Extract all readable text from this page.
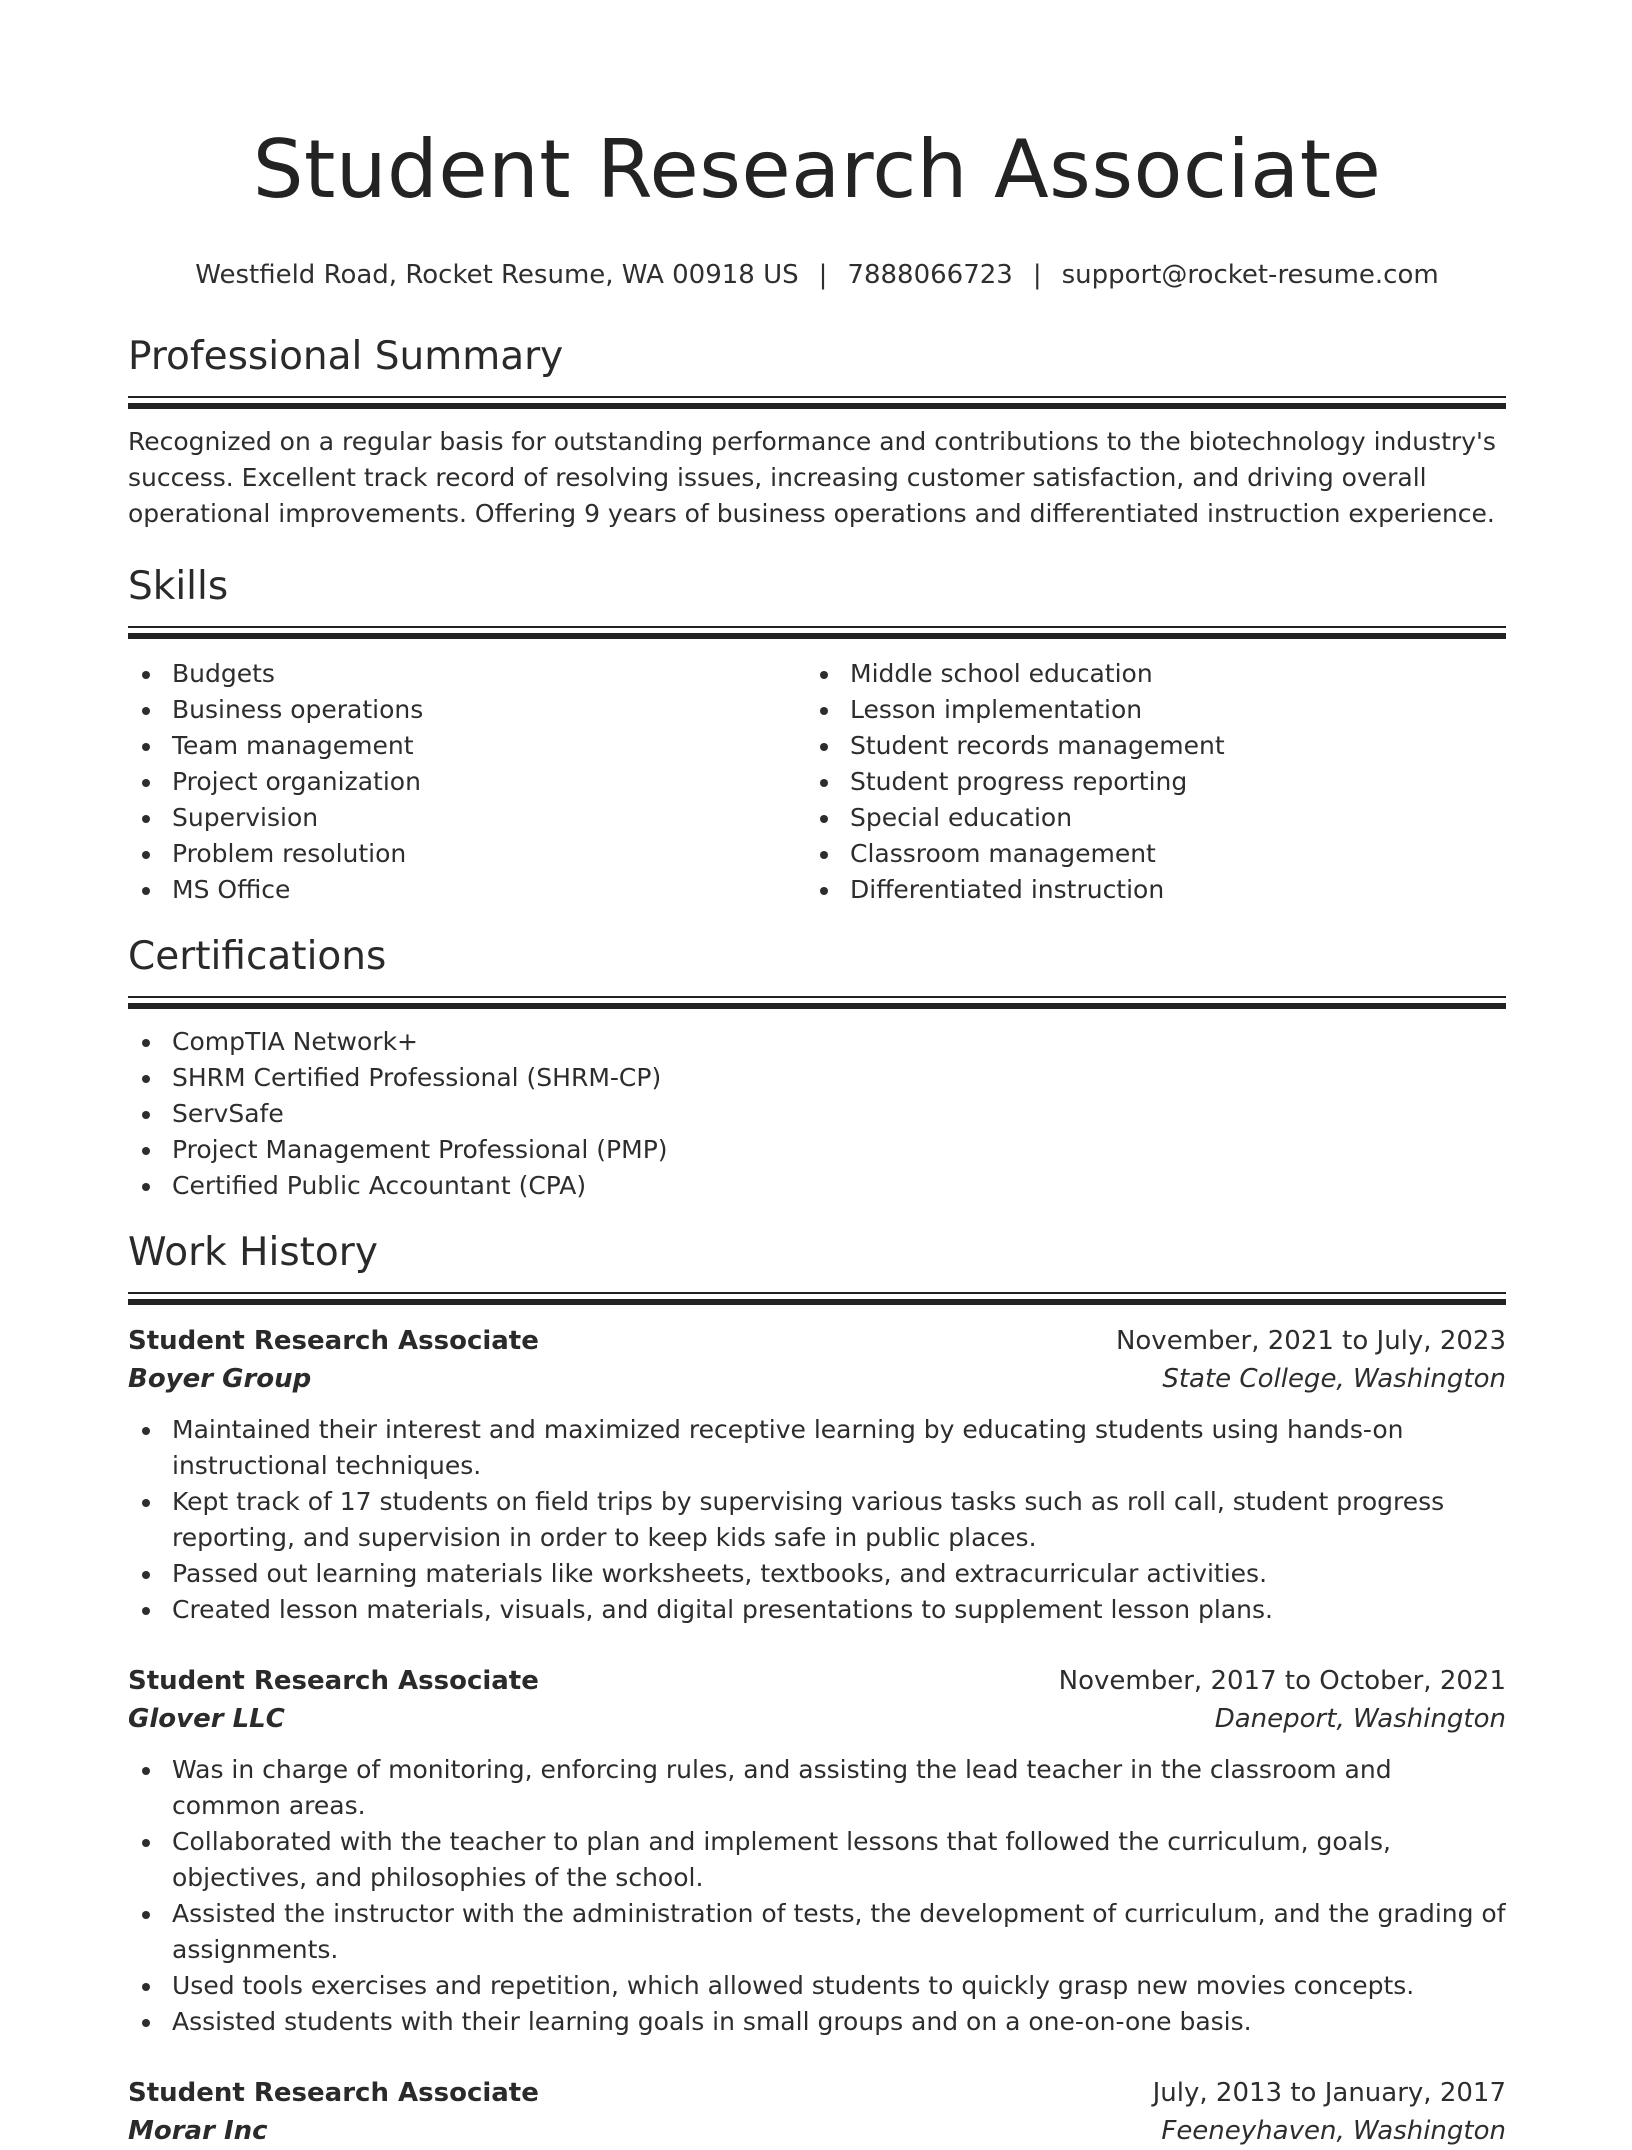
Student Research Associate
Westfield Road, Rocket Resume, WA 00918 US | 7888066723 | support@rocket-resume.com
Professional Summary

Recognized on a regular basis for outstanding performance and contributions to the biotechnology industry's success. Excellent track record of resolving issues, increasing customer satisfaction, and driving overall operational improvements. Offering 9 years of business operations and differentiated instruction experience.

Skills
Budgets
Business operations
Team management
Project organization
Supervision
Problem resolution
MS Office
Middle school education
Lesson implementation
Student records management
Student progress reporting
Special education
Classroom management
Differentiated instruction
Certifications
CompTIA Network+
SHRM Certified Professional (SHRM-CP)
ServSafe
Project Management Professional (PMP)
Certified Public Accountant (CPA)
Work History
Student Research Associate	November, 2021 to July, 2023
Boyer Group	State College, Washington
Maintained their interest and maximized receptive learning by educating students using hands-on instructional techniques.
Kept track of 17 students on field trips by supervising various tasks such as roll call, student progress reporting, and supervision in order to keep kids safe in public places.
Passed out learning materials like worksheets, textbooks, and extracurricular activities.
Created lesson materials, visuals, and digital presentations to supplement lesson plans.
Student Research Associate	November, 2017 to October, 2021
Glover LLC	Daneport, Washington
Was in charge of monitoring, enforcing rules, and assisting the lead teacher in the classroom and common areas.
Collaborated with the teacher to plan and implement lessons that followed the curriculum, goals, objectives, and philosophies of the school.
Assisted the instructor with the administration of tests, the development of curriculum, and the grading of assignments.
Used tools exercises and repetition, which allowed students to quickly grasp new movies concepts.
Assisted students with their learning goals in small groups and on a one-on-one basis.
Student Research Associate	July, 2013 to January, 2017
Morar Inc	Feeneyhaven, Washington
